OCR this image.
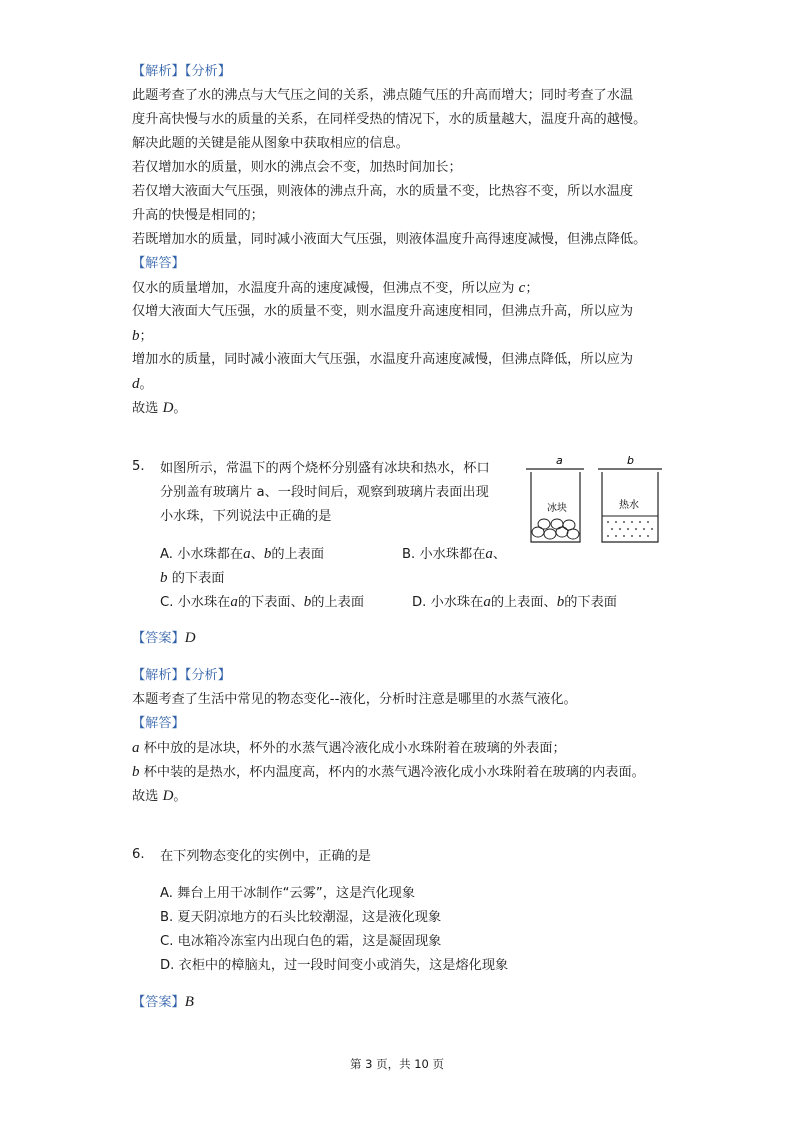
【解析】【分析】
此题考查了水的沸点与大气压之间的关系，沸点随气压的升高而增大；同时考查了水温
度升高快慢与水的质量的关系，在同样受热的情况下，水的质量越大，温度升高的越慢。
解决此题的关键是能从图象中获取相应的信息。
若仅增加水的质量，则水的沸点会不变，加热时间加长；
若仅增大液面大气压强，则液体的沸点升高，水的质量不变，比热容不变，所以水温度
升高的快慢是相同的；
若既增加水的质量，同时减小液面大气压强，则液体温度升高得速度减慢，但沸点降低。
【解答】
仅水的质量增加，水温度升高的速度减慢，但沸点不变，所以应为 c；
仅增大液面大气压强，水的质量不变，则水温度升高速度相同，但沸点升高，所以应为
b；
增加水的质量，同时减小液面大气压强，水温度升高速度减慢，但沸点降低，所以应为
d。
故选 D。
5. 如图所示，常温下的两个烧杯分别盛有冰块和热水，杯口
分别盖有玻璃片 a、一段时间后，观察到玻璃片表面出现
小水珠，下列说法中正确的是
a	b
冰块	热水
A. 小水珠都在a、b的上表面	B. 小水珠都在a、
b 的下表面
C. 小水珠在a的下表面、b的上表面	D. 小水珠在a的上表面、b的下表面
【答案】D
【解析】【分析】
本题考查了生活中常见的物态变化--液化，分析时注意是哪里的水蒸气液化。
【解答】
a 杯中放的是冰块，杯外的水蒸气遇冷液化成小水珠附着在玻璃的外表面；
b 杯中装的是热水，杯内温度高，杯内的水蒸气遇冷液化成小水珠附着在玻璃的内表面。
故选 D。
6. 在下列物态变化的实例中，正确的是
A. 舞台上用干冰制作“云雾”，这是汽化现象
B. 夏天阴凉地方的石头比较潮湿，这是液化现象
C. 电冰箱冷冻室内出现白色的霜，这是凝固现象
D. 衣柜中的樟脑丸，过一段时间变小或消失，这是熔化现象
【答案】B
第 3 页，共 10 页
